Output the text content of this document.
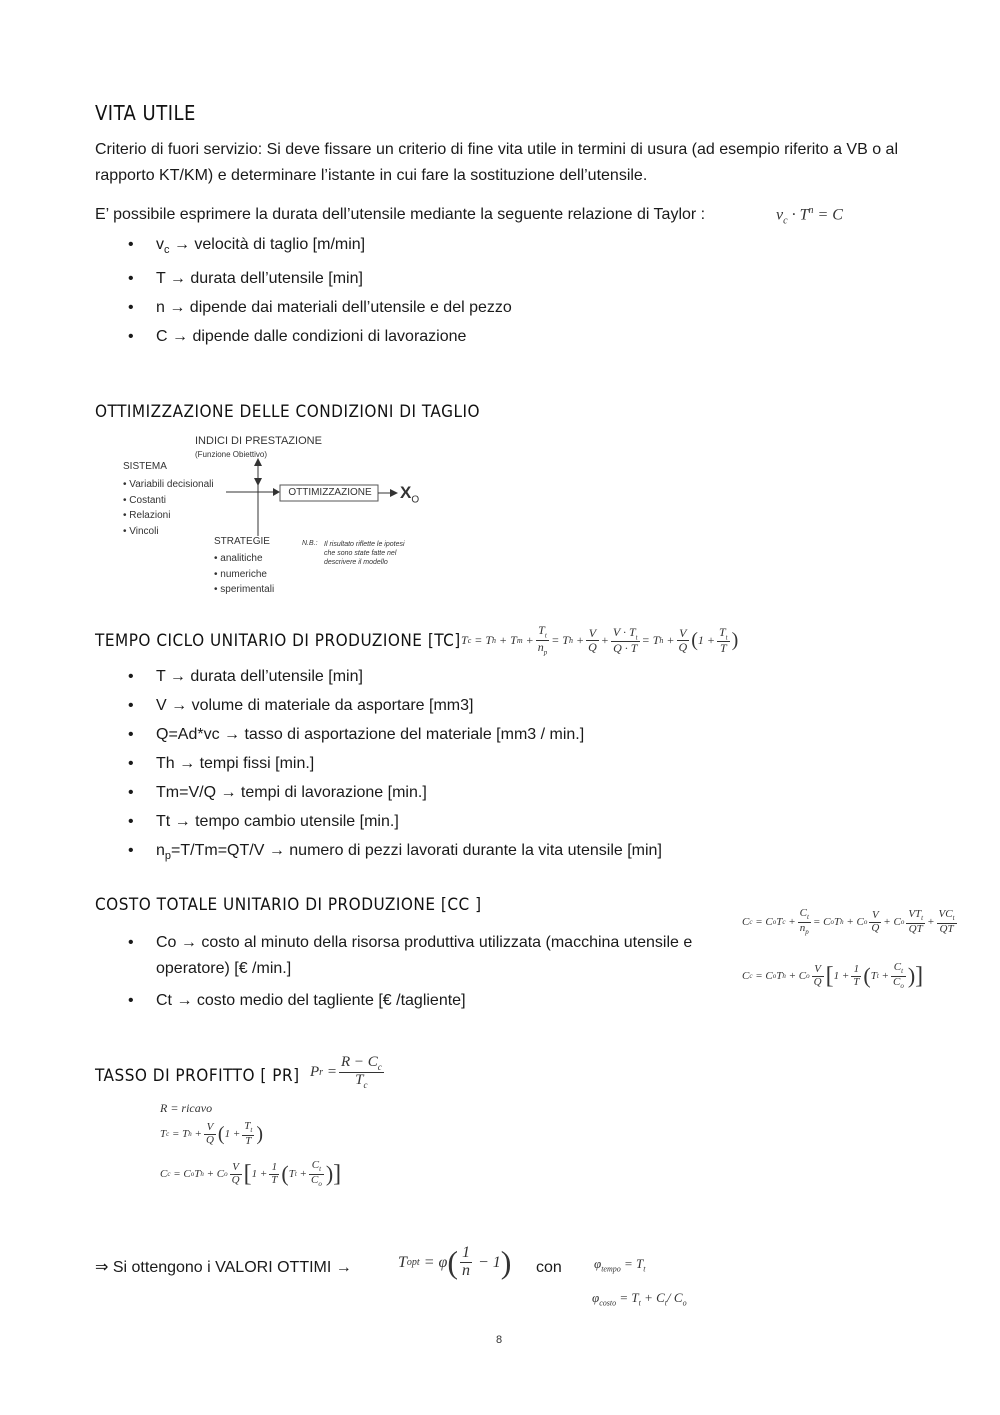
VITA UTILE
Criterio di fuori servizio: Si deve fissare un criterio di fine vita utile in termini di usura (ad esempio riferito a VB o al rapporto KT/KM) e determinare l’istante in cui fare la sostituzione dell’utensile.
E’ possibile esprimere la durata dell’utensile mediante la seguente relazione di Taylor :	$v_c \cdot T^n = C$
• $v_c$ → velocità di taglio [m/min]
• T → durata dell’utensile [min]
• n → dipende dai materiali dell’utensile e del pezzo
• C → dipende dalle condizioni di lavorazione
OTTIMIZZAZIONE DELLE CONDIZIONI DI TAGLIO
INDICI DI PRESTAZIONE
(Funzione Obiettivo)
SISTEMA
• Variabili decisionali
• Costanti
• Relazioni
• Vincoli
OTTIMIZZAZIONE	$X_O$
STRATEGIE
• analitiche
• numeriche
• sperimentali
N.B.: Il risultato riflette le ipotesi
che sono state fatte nel
descrivere il modello
TEMPO CICLO UNITARIO DI PRODUZIONE [TC] T c = T h + T $m + \frac{T_t}{n_p} = T$ $h + \frac{V}{Q} + \frac{V \cdot T_t}{Q \cdot T} = T$ $h + \frac{V}{Q}$ ( $1 + \frac{T_t}{T}$ )
• T → durata dell’utensile [min]
• V → volume di materiale da asportare [mm3]
• Q=Ad*vc → tasso di asportazione del materiale [mm3 / min.]
• Th → tempi fissi [min.]
• Tm=V/Q → tempi di lavorazione [min.]
• Tt → tempo cambio utensile [min.]
• $n_p=T/Tm=QT/V$ → numero di pezzi lavorati durante la vita utensile [min]
COSTO TOTALE UNITARIO DI PRODUZIONE [CC ]
• Co → costo al minuto della risorsa produttiva utilizzata (macchina utensile e operatore) [€ /min.]
• Ct → costo medio del tagliente [€ /tagliente]
C c = C o T $c + \frac{C_t}{n_p} = C$ o T h + C o $\frac{V}{Q} + C$ o $\frac{VT_t}{QT} + \frac{VC_t}{QT}$
C c = C o T h + C o $\frac{V}{Q}$ [ $1 + \frac{1}{T}$ ( T $t + \frac{C_t}{C_o}$ ) ]
TASSO DI PROFITTO [ PR] P $r = \frac{R - C_c}{T_c}$
R = ricavo
T c = T $h + \frac{V}{Q}$ ( $1 + \frac{T_t}{T}$ )
C c = C o T h + C o $\frac{V}{Q}$ [ $1 + \frac{1}{T}$ ( T $t + \frac{C_t}{C_o}$ ) ]
⇒ Si ottengono i VALORI OTTIMI →	T opt = φ ( $\frac{1}{n} - 1$ ) con $\varphi_{tempo} = T_t$
$\varphi_{costo} = T_t + C_t/$ $C_o$
8
